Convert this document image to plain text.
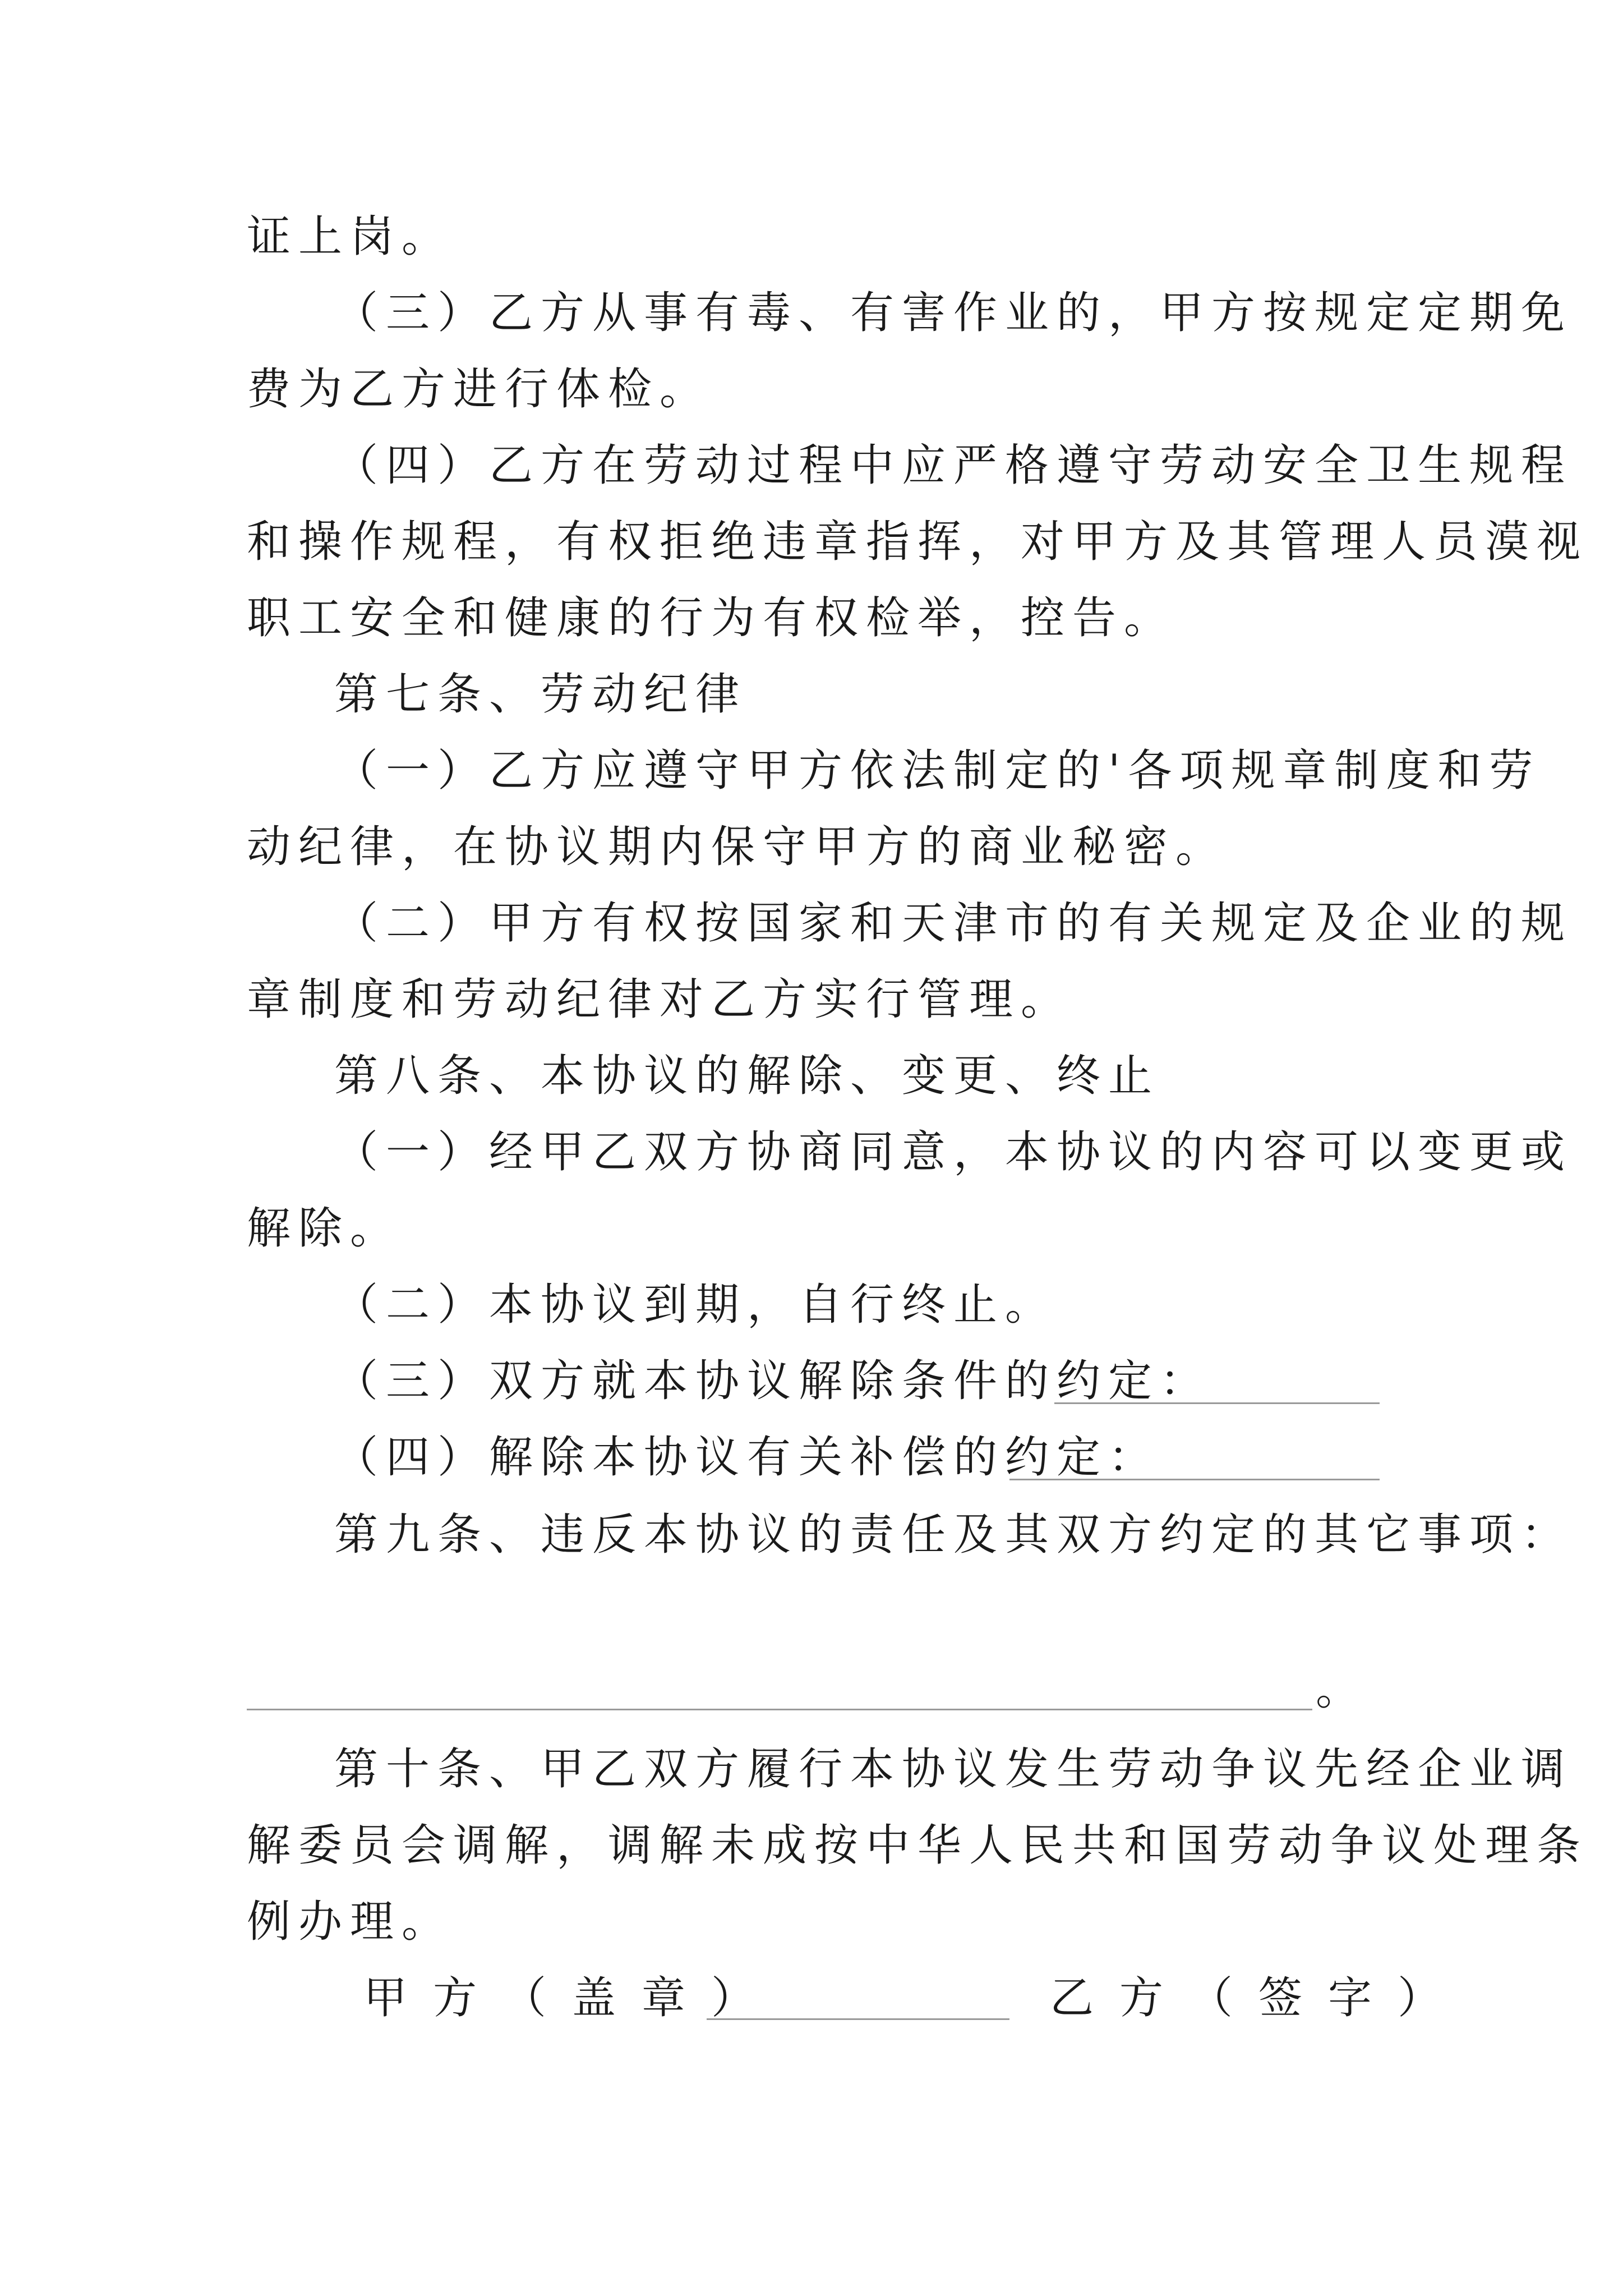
证上岗。
（三）乙方从事有毒、有害作业的，甲方按规定定期免
费为乙方进行体检。
（四）乙方在劳动过程中应严格遵守劳动安全卫生规程
和操作规程，有权拒绝违章指挥，对甲方及其管理人员漠视
职工安全和健康的行为有权检举，控告。
第七条、劳动纪律
（一）乙方应遵守甲方依法制定的'各项规章制度和劳
动纪律，在协议期内保守甲方的商业秘密。
（二）甲方有权按国家和天津市的有关规定及企业的规
章制度和劳动纪律对乙方实行管理。
第八条、本协议的解除、变更、终止
（一）经甲乙双方协商同意，本协议的内容可以变更或
解除。
（二）本协议到期，自行终止。
（三）双方就本协议解除条件的约定：
（四）解除本协议有关补偿的约定：
第九条、违反本协议的责任及其双方约定的其它事项：
。
第十条、甲乙双方履行本协议发生劳动争议先经企业调
解委员会调解，调解未成按中华人民共和国劳动争议处理条
例办理。
甲方（盖章）	乙方（签字）
